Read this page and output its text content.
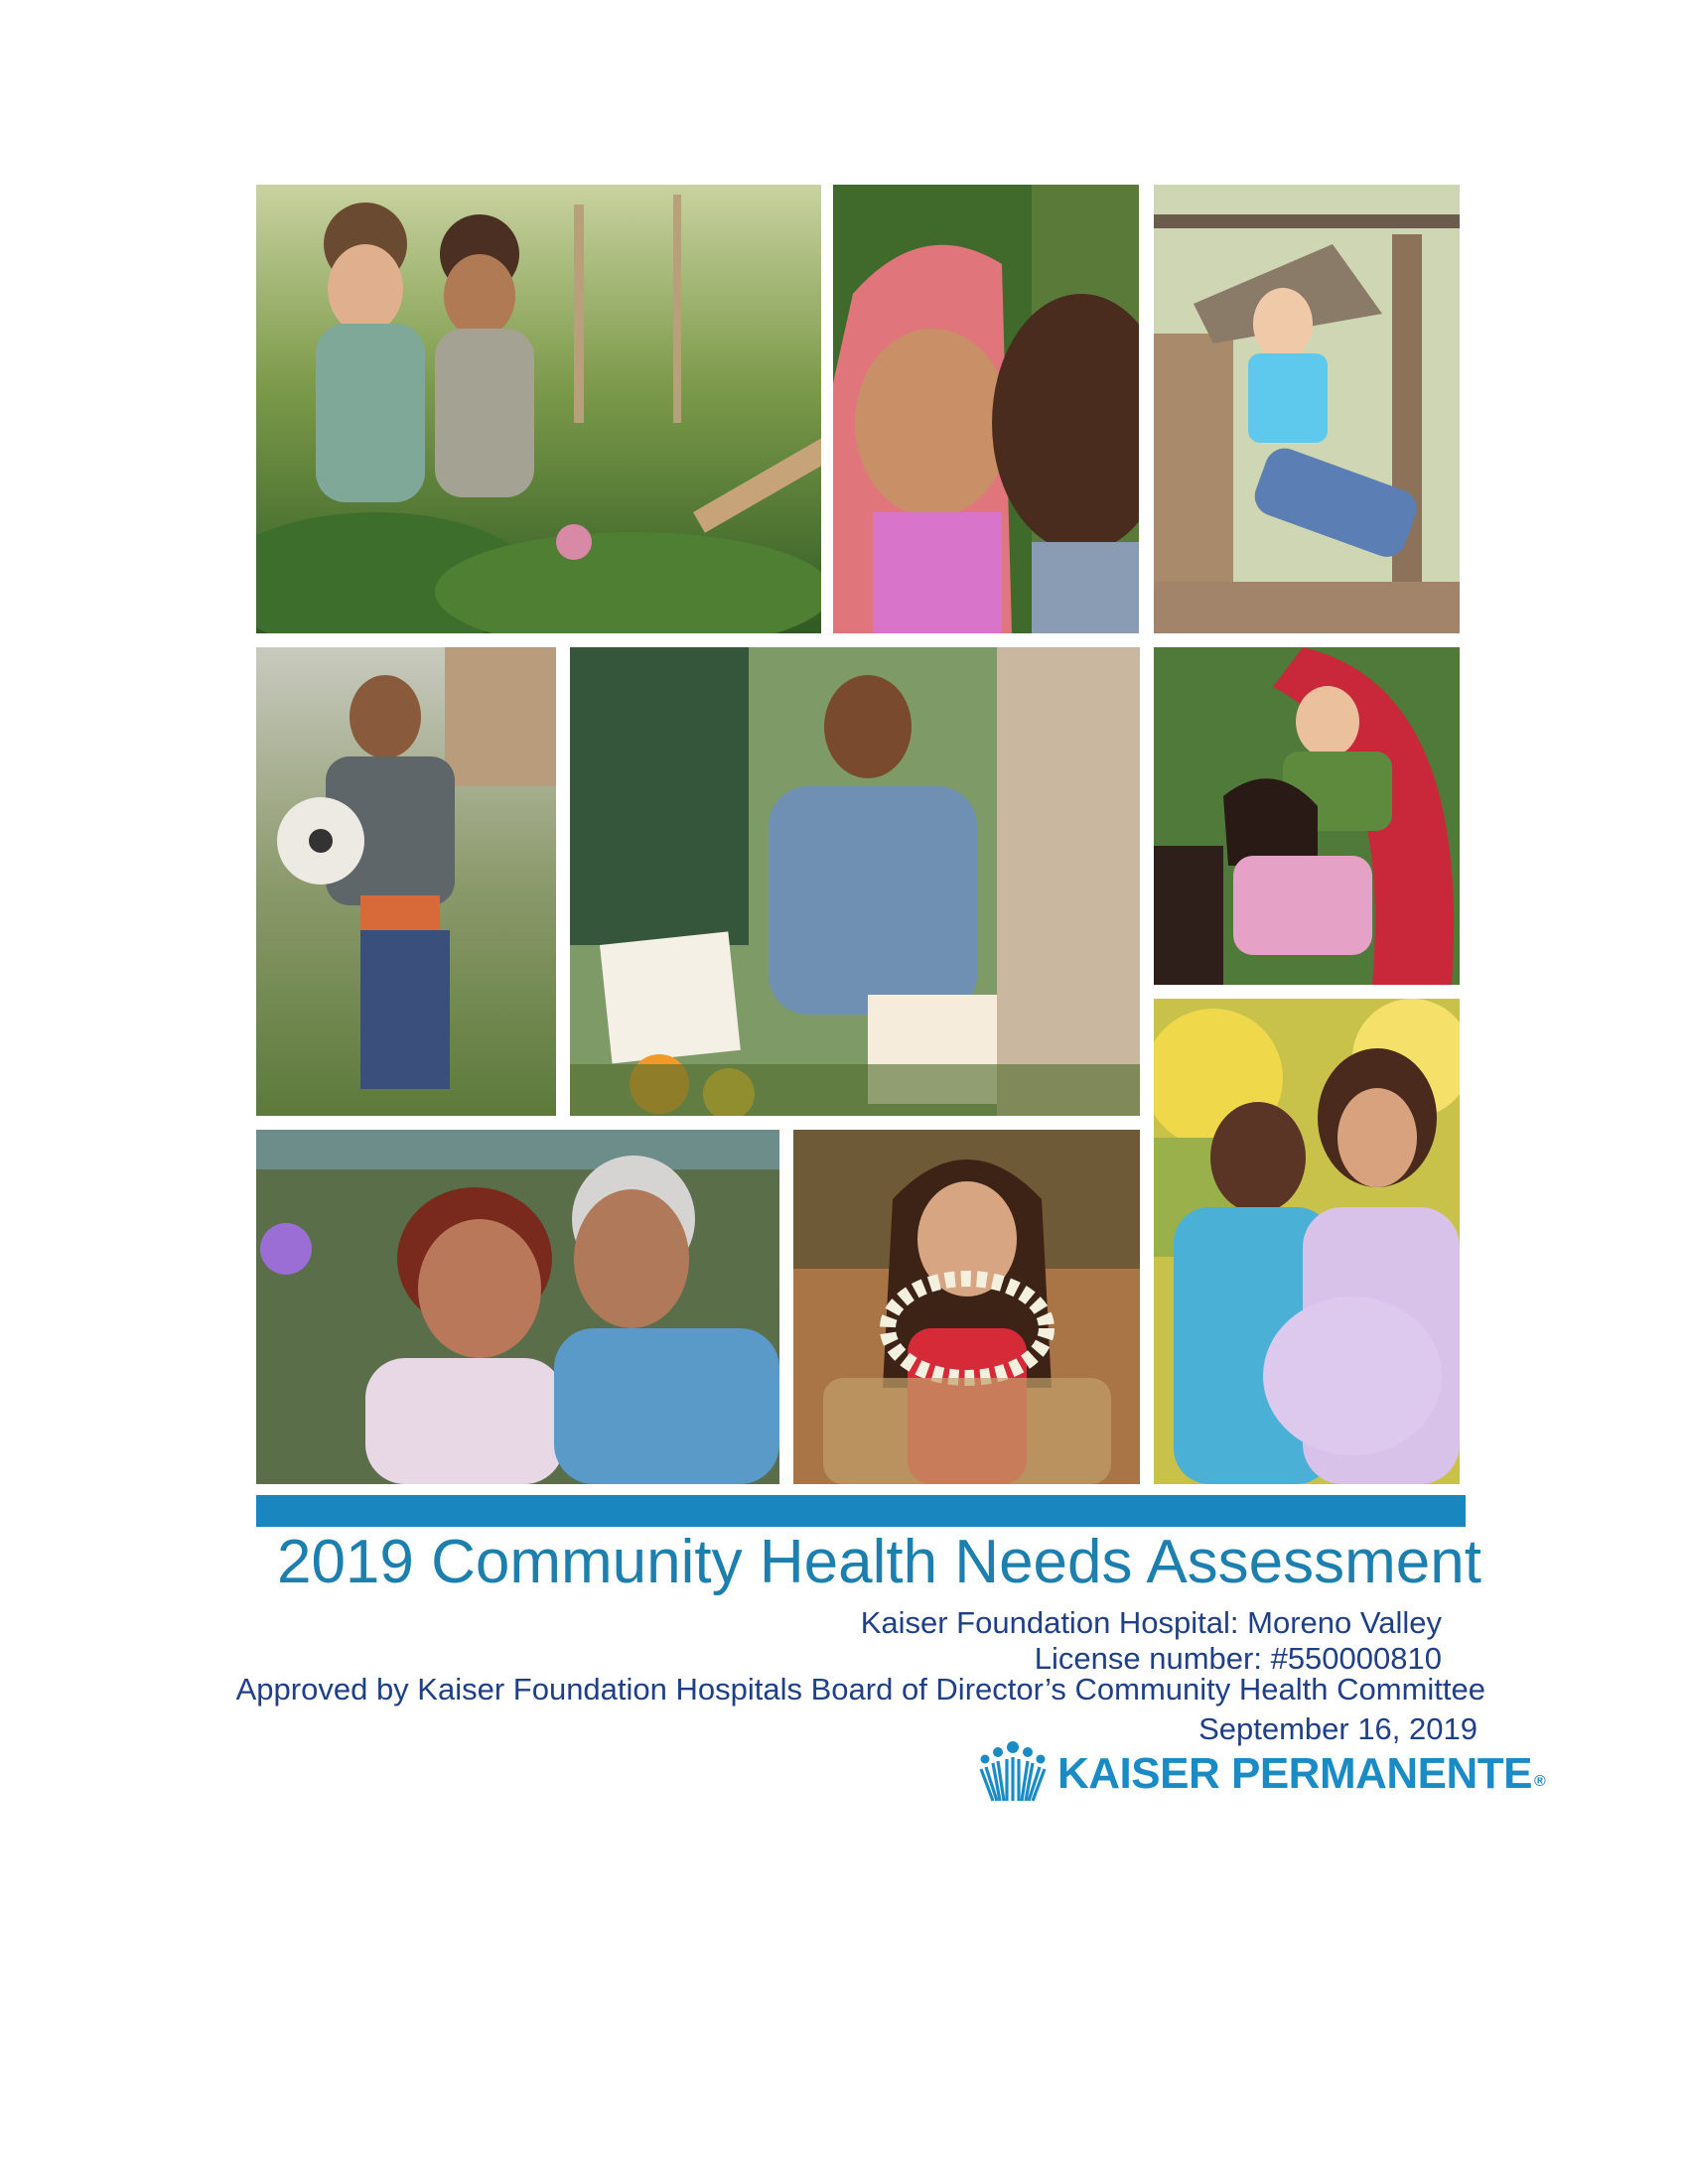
2019 Community Health Needs Assessment
Kaiser Foundation Hospital: Moreno Valley
License number: #550000810
Approved by Kaiser Foundation Hospitals Board of Director’s Community Health Committee
September 16, 2019
KAISER PERMANENTE ®
